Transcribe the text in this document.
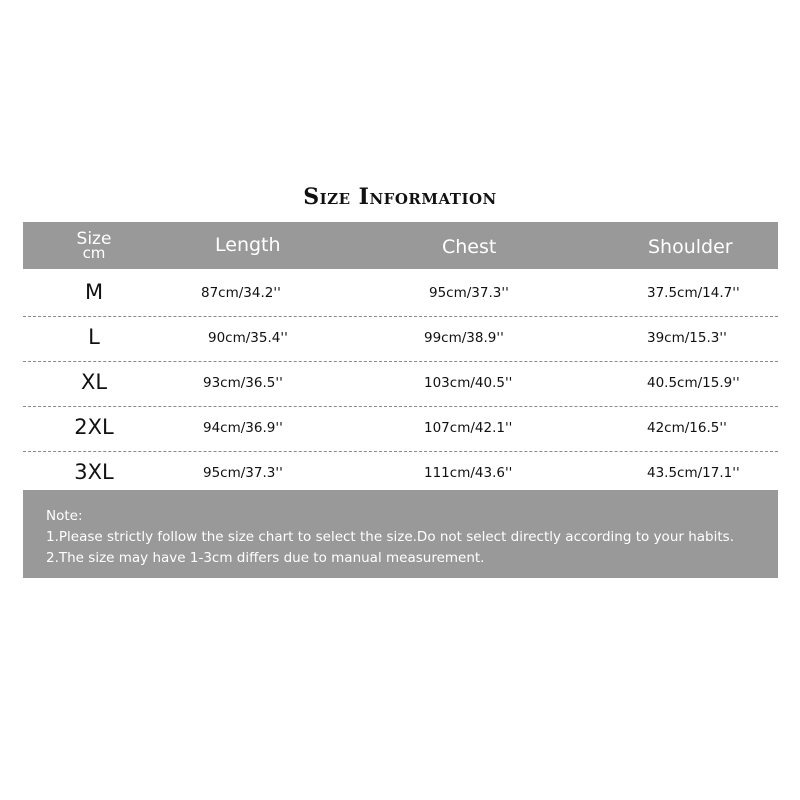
Size Information
Size
cm	Length	Chest	Shoulder
M	87cm/34.2''	95cm/37.3''	37.5cm/14.7''
L	90cm/35.4''	99cm/38.9''	39cm/15.3''
XL	93cm/36.5''	103cm/40.5''	40.5cm/15.9''
2XL	94cm/36.9''	107cm/42.1''	42cm/16.5''
3XL	95cm/37.3''	111cm/43.6''	43.5cm/17.1''
Note:
1.Please strictly follow the size chart to select the size.Do not select directly according to your habits.
2.The size may have 1-3cm differs due to manual measurement.
